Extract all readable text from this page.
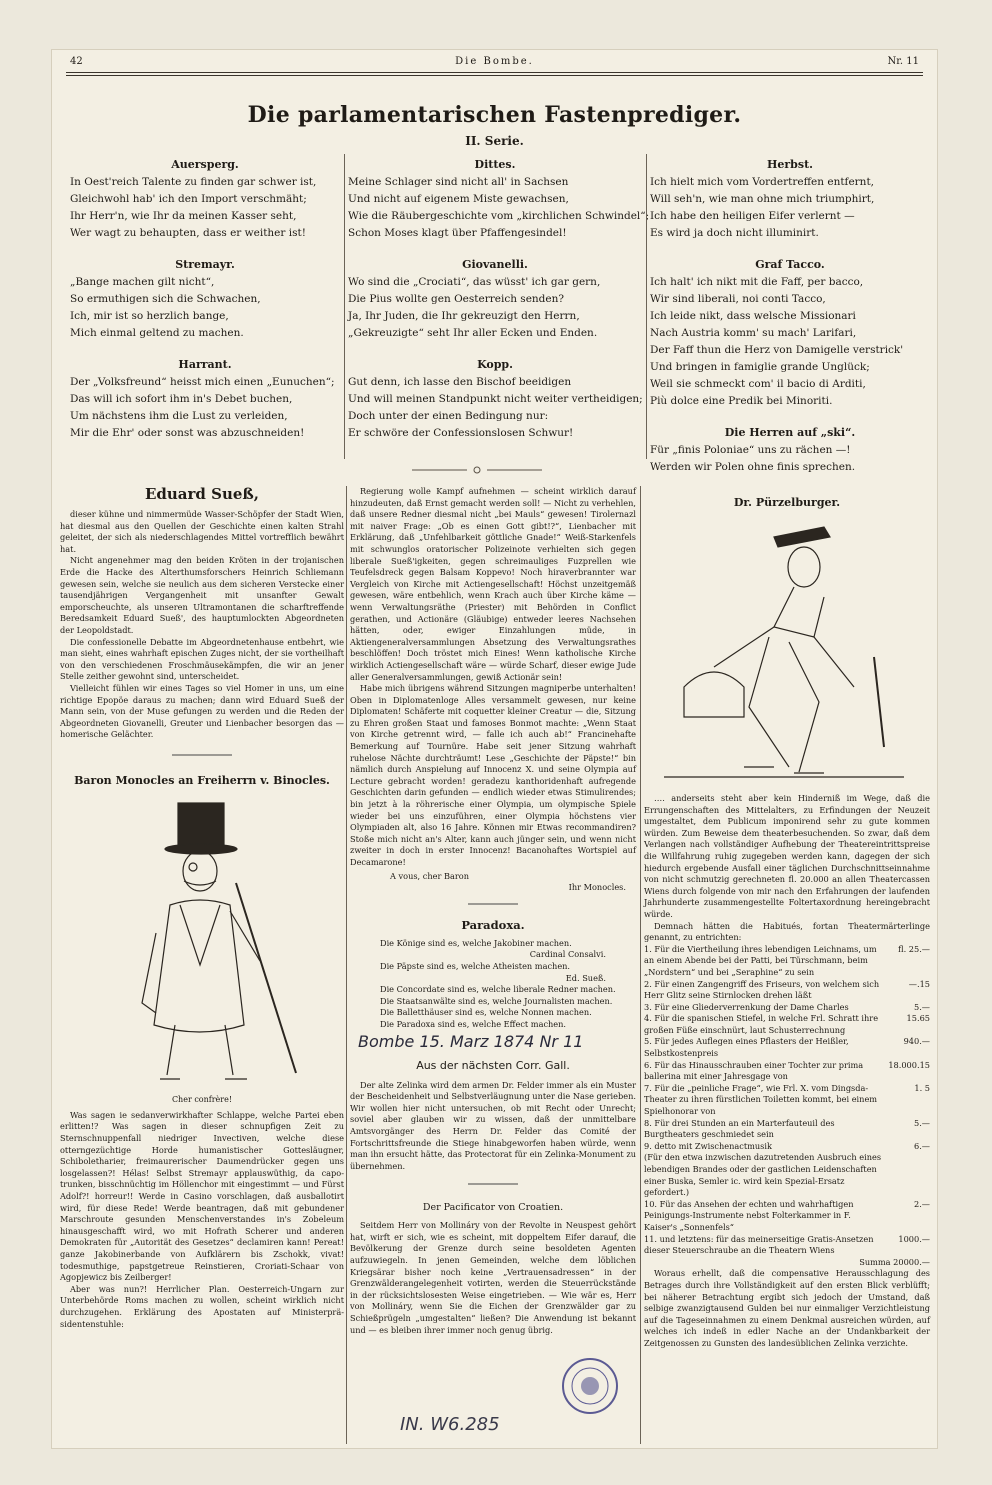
42	Die Bombe.	Nr. 11
Die parlamentarischen Fastenprediger.
II. Serie.
Auersperg.

In Oest'reich Talente zu finden gar schwer ist,

Gleichwohl hab' ich den Import verschmäht;

Ihr Herr'n, wie Ihr da meinen Kasser seht,

Wer wagt zu behaupten, dass er weither ist!

Stremayr.

„Bange machen gilt nicht“,

So ermuthigen sich die Schwachen,

Ich, mir ist so herzlich bange,

Mich einmal geltend zu machen.

Harrant.

Der „Volksfreund“ heisst mich einen „Eunuchen“;

Das will ich sofort ihm in's Debet buchen,

Um nächstens ihm die Lust zu verleiden,

Mir die Ehr' oder sonst was abzuschneiden!

Dittes.

Meine Schlager sind nicht all' in Sachsen

Und nicht auf eigenem Miste gewachsen,

Wie die Räubergeschichte vom „kirchlichen Schwindel“;

Schon Moses klagt über Pfaffengesindel!

Giovanelli.

Wo sind die „Crociati“, das wüsst' ich gar gern,

Die Pius wollte gen Oesterreich senden?

Ja, Ihr Juden, die Ihr gekreuzigt den Herrn,

„Gekreuzigte“ seht Ihr aller Ecken und Enden.

Kopp.

Gut denn, ich lasse den Bischof beeidigen

Und will meinen Standpunkt nicht weiter vertheidigen;

Doch unter der einen Bedingung nur:

Er schwöre der Confessionslosen Schwur!

Herbst.

Ich hielt mich vom Vordertreffen entfernt,

Will seh'n, wie man ohne mich triumphirt,

Ich habe den heiligen Eifer verlernt —

Es wird ja doch nicht illuminirt.

Graf Tacco.

Ich halt' ich nikt mit die Faff, per bacco,

Wir sind liberali, noi conti Tacco,

Ich leide nikt, dass welsche Missionari

Nach Austria komm' su mach' Larifari,

Der Faff thun die Herz von Damigelle verstrick'

Und bringen in famiglie grande Unglück;

Weil sie schmeckt com' il bacio di Arditi,

Più dolce eine Predik bei Minoriti.

Die Herren auf „ski“.

Für „finis Poloniae“ uns zu rächen —!

Werden wir Polen ohne finis sprechen.

Eduard Sueß,

dieser kühne und nimmermüde Wasser-Schöpfer der Stadt Wien, hat diesmal aus den Quellen der Geschichte einen kalten Strahl geleitet, der sich als niederschlagendes Mittel vortrefflich bewährt hat.

Nicht angenehmer mag den beiden Kröten in der trojanischen Erde die Hacke des Alterthumsforschers Heinrich Schliemann gewesen sein, welche sie neulich aus dem sicheren Verstecke einer tausendjährigen Vergangenheit mit unsanfter Gewalt emporscheuchte, als unseren Ultramontanen die scharftreffende Beredsamkeit Eduard Sueß', des hauptumlockten Abgeordneten der Leopoldstadt.

Die confessionelle Debatte im Abgeordnetenhause entbehrt, wie man sieht, eines wahrhaft epischen Zuges nicht, der sie vortheilhaft von den verschiedenen Froschmäusekämpfen, die wir an jener Stelle zeither gewohnt sind, unterscheidet.

Vielleicht fühlen wir eines Tages so viel Homer in uns, um eine richtige Epopöe daraus zu machen; dann wird Eduard Sueß der Mann sein, von der Muse gefungen zu werden und die Reden der Abgeordneten Giovanelli, Greuter und Lienbacher besorgen das — homerische Gelächter.

Baron Monocles an Freiherrn v. Binocles.
Cher confrère!

Was sagen ie sedanverwirkhafter Schlappe, welche Partei eben erlitten!? Was sagen in dieser schnupfigen Zeit zu Sternschnuppenfall niedriger Invectiven, welche diese otterngezüchtige Horde humanistischer Gottesläugner, Schiboletharier, freimaurerischer Daumendrücker gegen uns losgelassen?! Hélas! Selbst Stremayr applauswüthig, da capo-trunken, bisschnüchtig im Höllenchor mit eingestimmt — und Fürst Adolf?! horreur!! Werde in Casino vorschlagen, daß ausballotirt wird, für diese Rede! Werde beantragen, daß mit gebundener Marschroute gesunden Menschenverstandes in's Zobeleum hinausgeschafft wird, wo mit Hofrath Scherer und anderen Demokraten für „Autorität des Gesetzes“ declamiren kann! Pereat! ganze Jakobinerbande von Aufklärern bis Zschokk, vivat! todesmuthige, papstgetreue Reinstieren, Croriati-Schaar von Agopjewicz bis Zeilberger!

Aber was nun?! Herrlicher Plan. Oesterreich-Ungarn zur Unterbehörde Roms machen zu wollen, scheint wirklich nicht durchzugehen. Erklärung des Apostaten auf Ministerprä-sidentenstuhle:

Regierung wolle Kampf aufnehmen — scheint wirklich darauf hinzudeuten, daß Ernst gemacht werden soll! — Nicht zu verhehlen, daß unsere Redner diesmal nicht „bei Mauls“ gewesen! Tirolernazl mit naiver Frage: „Ob es einen Gott gibt!?“, Lienbacher mit Erklärung, daß „Unfehlbarkeit göttliche Gnade!“ Weiß-Starkenfels mit schwunglos oratorischer Polizeinote verhielten sich gegen liberale Sueß'igkeiten, gegen schreimauliges Fuzprellen wie Teufelsdreck gegen Balsam Koppevo! Noch hiraverbrannter war Vergleich von Kirche mit Actiengesellschaft! Höchst unzeitgemäß gewesen, wäre entbehlich, wenn Krach auch über Kirche käme — wenn Verwaltungsräthe (Priester) mit Behörden in Conflict gerathen, und Actionäre (Gläubige) entweder leeres Nachsehen hätten, oder, ewiger Einzahlungen müde, in Aktiengeneralversammlungen Absetzung des Verwaltungsrathes beschlöffen! Doch tröstet mich Eines! Wenn katholische Kirche wirklich Actiengesellschaft wäre — würde Scharf, dieser ewige Jude aller Generalversammlungen, gewiß Actionär sein!

Habe mich übrigens während Sitzungen magniperbe unterhalten! Oben in Diplomatenloge Alles versammelt gewesen, nur keine Diplomaten! Schäferte mit coquetter kleiner Creatur — die, Sitzung zu Ehren großen Staat und famoses Bonmot machte: „Wenn Staat von Kirche getrennt wird, — falle ich auch ab!“ Francinehafte Bemerkung auf Tournüre. Habe seit jener Sitzung wahrhaft ruhelose Nächte durchträumt! Lese „Geschichte der Päpste!“ bin nämlich durch Anspielung auf Innocenz X. und seine Olympia auf Lecture gebracht worden! geradezu kanthoridenhaft aufregende Geschichten darin gefunden — endlich wieder etwas Stimulirendes; bin jetzt à la röhrerische einer Olympia, um olympische Spiele wieder bei uns einzuführen, einer Olympia höchstens vier Olympiaden alt, also 16 Jahre. Können mir Etwas recommandiren? Stoße mich nicht an's Alter, kann auch jünger sein, und wenn nicht zweiter in doch in erster Innocenz! Bacanohaftes Wortspiel auf Decamarone!

A vous, cher Baron
Ihr Monocles.
Paradoxa.
Die Könige sind es, welche Jakobiner machen.
Cardinal Consalvi.
Die Päpste sind es, welche Atheisten machen.
Ed. Sueß.
Die Concordate sind es, welche liberale Redner machen.
Die Staatsanwälte sind es, welche Journalisten machen.
Die Balletthäuser sind es, welche Nonnen machen.
Die Paradoxa sind es, welche Effect machen.
Bombe 15. Marz 1874 Nr 11
Aus der nächsten Corr. Gall.

Der alte Zelinka wird dem armen Dr. Felder immer als ein Muster der Bescheidenheit und Selbstverläugnung unter die Nase gerieben. Wir wollen hier nicht untersuchen, ob mit Recht oder Unrecht; soviel aber glauben wir zu wissen, daß der unmittelbare Amtsvorgänger des Herrn Dr. Felder das Comité der Fortschrittsfreunde die Stiege hinabgeworfen haben würde, wenn man ihn ersucht hätte, das Protectorat für ein Zelinka-Monument zu übernehmen.

Der Pacificator von Croatien.

Seitdem Herr von Mollináry von der Revolte in Neuspest gehört hat, wirft er sich, wie es scheint, mit doppeltem Eifer darauf, die Bevölkerung der Grenze durch seine besoldeten Agenten aufzuwiegeln. In jenen Gemeinden, welche dem löblichen Kriegsärar bisher noch keine „Vertrauensadressen“ in der Grenzwälderangelegenheit votirten, werden die Steuerrückstände in der rücksichtslosesten Weise eingetrieben. — Wie wär es, Herr von Mollináry, wenn Sie die Eichen der Grenzwälder gar zu Schießprügeln „umgestalten“ ließen? Die Anwendung ist bekannt und — es bleiben ihrer immer noch genug übrig.

Dr. Pürzelburger.

…. anderseits steht aber kein Hinderniß im Wege, daß die Errungenschaften des Mittelalters, zu Erfindungen der Neuzeit umgestaltet, dem Publicum imponirend sehr zu gute kommen würden. Zum Beweise dem theaterbesuchenden. So zwar, daß dem Verlangen nach vollständiger Aufhebung der Theatereintrittspreise die Willfahrung ruhig zugegeben werden kann, dagegen der sich hiedurch ergebende Ausfall einer täglichen Durchschnittseinnahme von nicht schmutzig gerechneten fl. 20.000 an allen Theatercassen Wiens durch folgende von mir nach den Erfahrungen der laufenden Jahrhunderte zusammengestellte Foltertaxordnung hereingebracht würde.

Demnach hätten die Habitués, fortan Theatermärterlinge genannt, zu entrichten:

1. Für die Viertheilung ihres lebendigen Leichnams, um an einem Abende bei der Patti, bei Türschmann, beim „Nordstern“ und bei „Seraphine“ zu sein
fl. 25.—
2. Für einen Zangengriff des Friseurs, von welchem sich Herr Glitz seine Stirnlocken drehen läßt
—.15
3. Für eine Gliederverrenkung der Dame Charles	5.—
4. Für die spanischen Stiefel, in welche Frl. Schratt ihre großen Füße einschnürt, laut Schusterrechnung
15.65
5. Für jedes Auflegen eines Pflasters der Heißler, Selbstkostenpreis
940.—
6. Für das Hinausschrauben einer Tochter zur prima ballerina mit einer Jahresgage von
18.000.15
7. Für die „peinliche Frage“, wie Frl. X. vom Dingsda-Theater zu ihren fürstlichen Toiletten kommt, bei einem Spielhonorar von
1. 5
8. Für drei Stunden an ein Marterfauteuil des Burgtheaters geschmiedet sein
5.—
9. detto mit Zwischenactmusik	6.—
(Für den etwa inzwischen dazutretenden Ausbruch eines lebendigen Brandes oder der gastlichen Leidenschaften einer Buska, Semler ic. wird kein Spezial-Ersatz gefordert.)
10. Für das Ansehen der echten und wahrhaftigen Peinigungs-Instrumente nebst Folterkammer in F. Kaiser's „Sonnenfels“
2.—
11. und letztens: für das meinerseitige Gratis-Ansetzen dieser Steuerschraube an die Theatern Wiens
1000.—
Summa 20000.—

Woraus erhellt, daß die compensative Herausschlagung des Betrages durch ihre Vollständigkeit auf den ersten Blick verblüfft; bei näherer Betrachtung ergibt sich jedoch der Umstand, daß selbige zwanzigtausend Gulden bei nur einmaliger Verzichtleistung auf die Tageseinnahmen zu einem Denkmal ausreichen würden, auf welches ich indeß in edler Nache an der Undankbarkeit der Zeitgenossen zu Gunsten des landesüblichen Zelinka verzichte.

IN. W6.285
